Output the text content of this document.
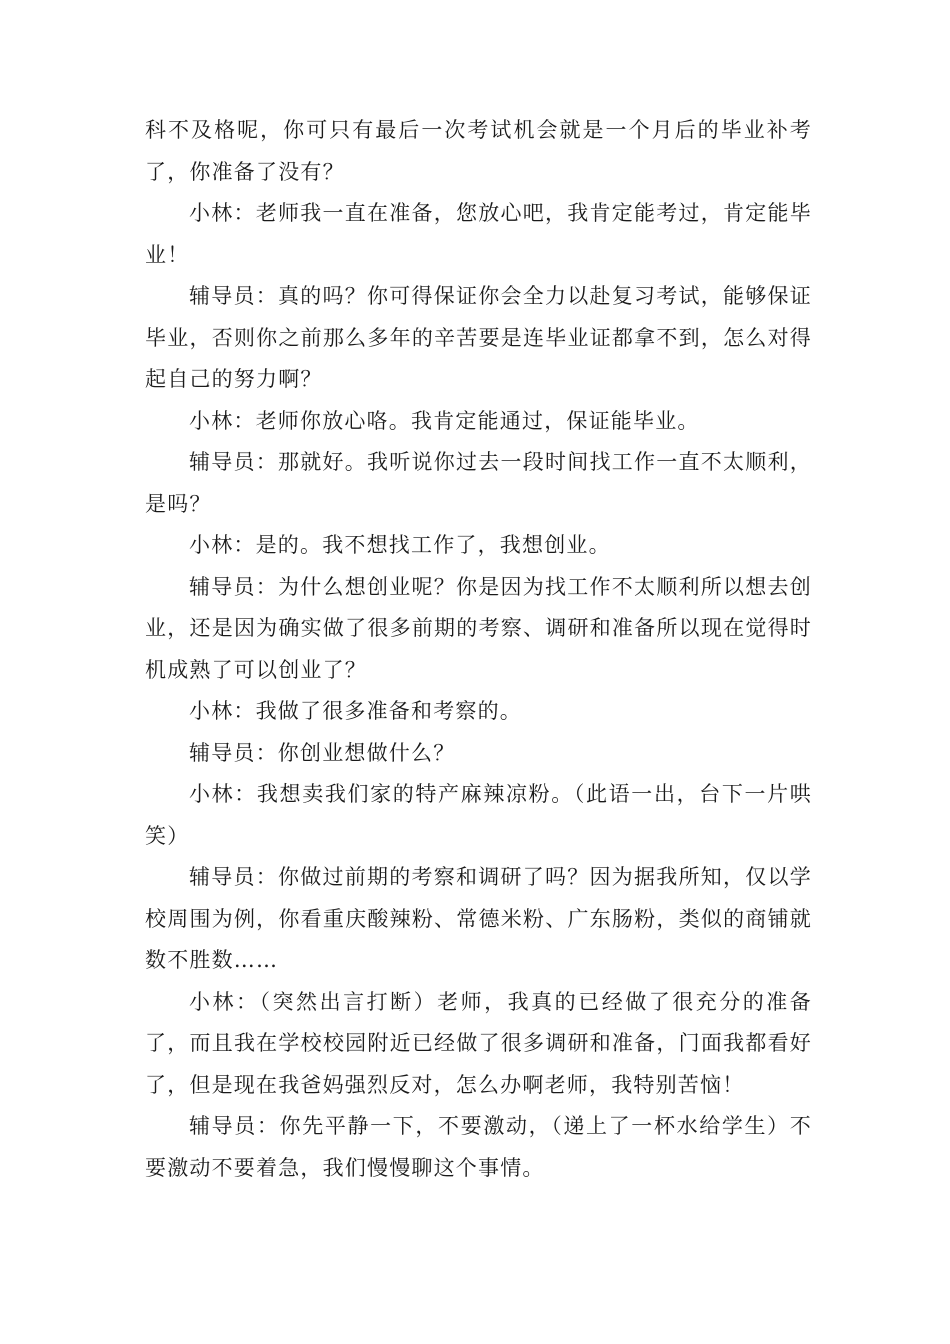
科不及格呢，你可只有最后一次考试机会就是一个月后的毕业补考了，你准备了没有？

小林：老师我一直在准备，您放心吧，我肯定能考过，肯定能毕业！

辅导员：真的吗？你可得保证你会全力以赴复习考试，能够保证毕业，否则你之前那么多年的辛苦要是连毕业证都拿不到，怎么对得起自己的努力啊？

小林：老师你放心咯。我肯定能通过，保证能毕业。

辅导员：那就好。我听说你过去一段时间找工作一直不太顺利，是吗？

小林：是的。我不想找工作了，我想创业。

辅导员：为什么想创业呢？你是因为找工作不太顺利所以想去创业，还是因为确实做了很多前期的考察、调研和准备所以现在觉得时机成熟了可以创业了？

小林：我做了很多准备和考察的。

辅导员：你创业想做什么？

小林：我想卖我们家的特产麻辣凉粉。（此语一出，台下一片哄笑）

辅导员：你做过前期的考察和调研了吗？因为据我所知，仅以学校周围为例，你看重庆酸辣粉、常德米粉、广东肠粉，类似的商铺就数不胜数……

小林：（突然出言打断）老师，我真的已经做了很充分的准备了，而且我在学校校园附近已经做了很多调研和准备，门面我都看好了，但是现在我爸妈强烈反对，怎么办啊老师，我特别苦恼！

辅导员：你先平静一下，不要激动，（递上了一杯水给学生）不要激动不要着急，我们慢慢聊这个事情。
